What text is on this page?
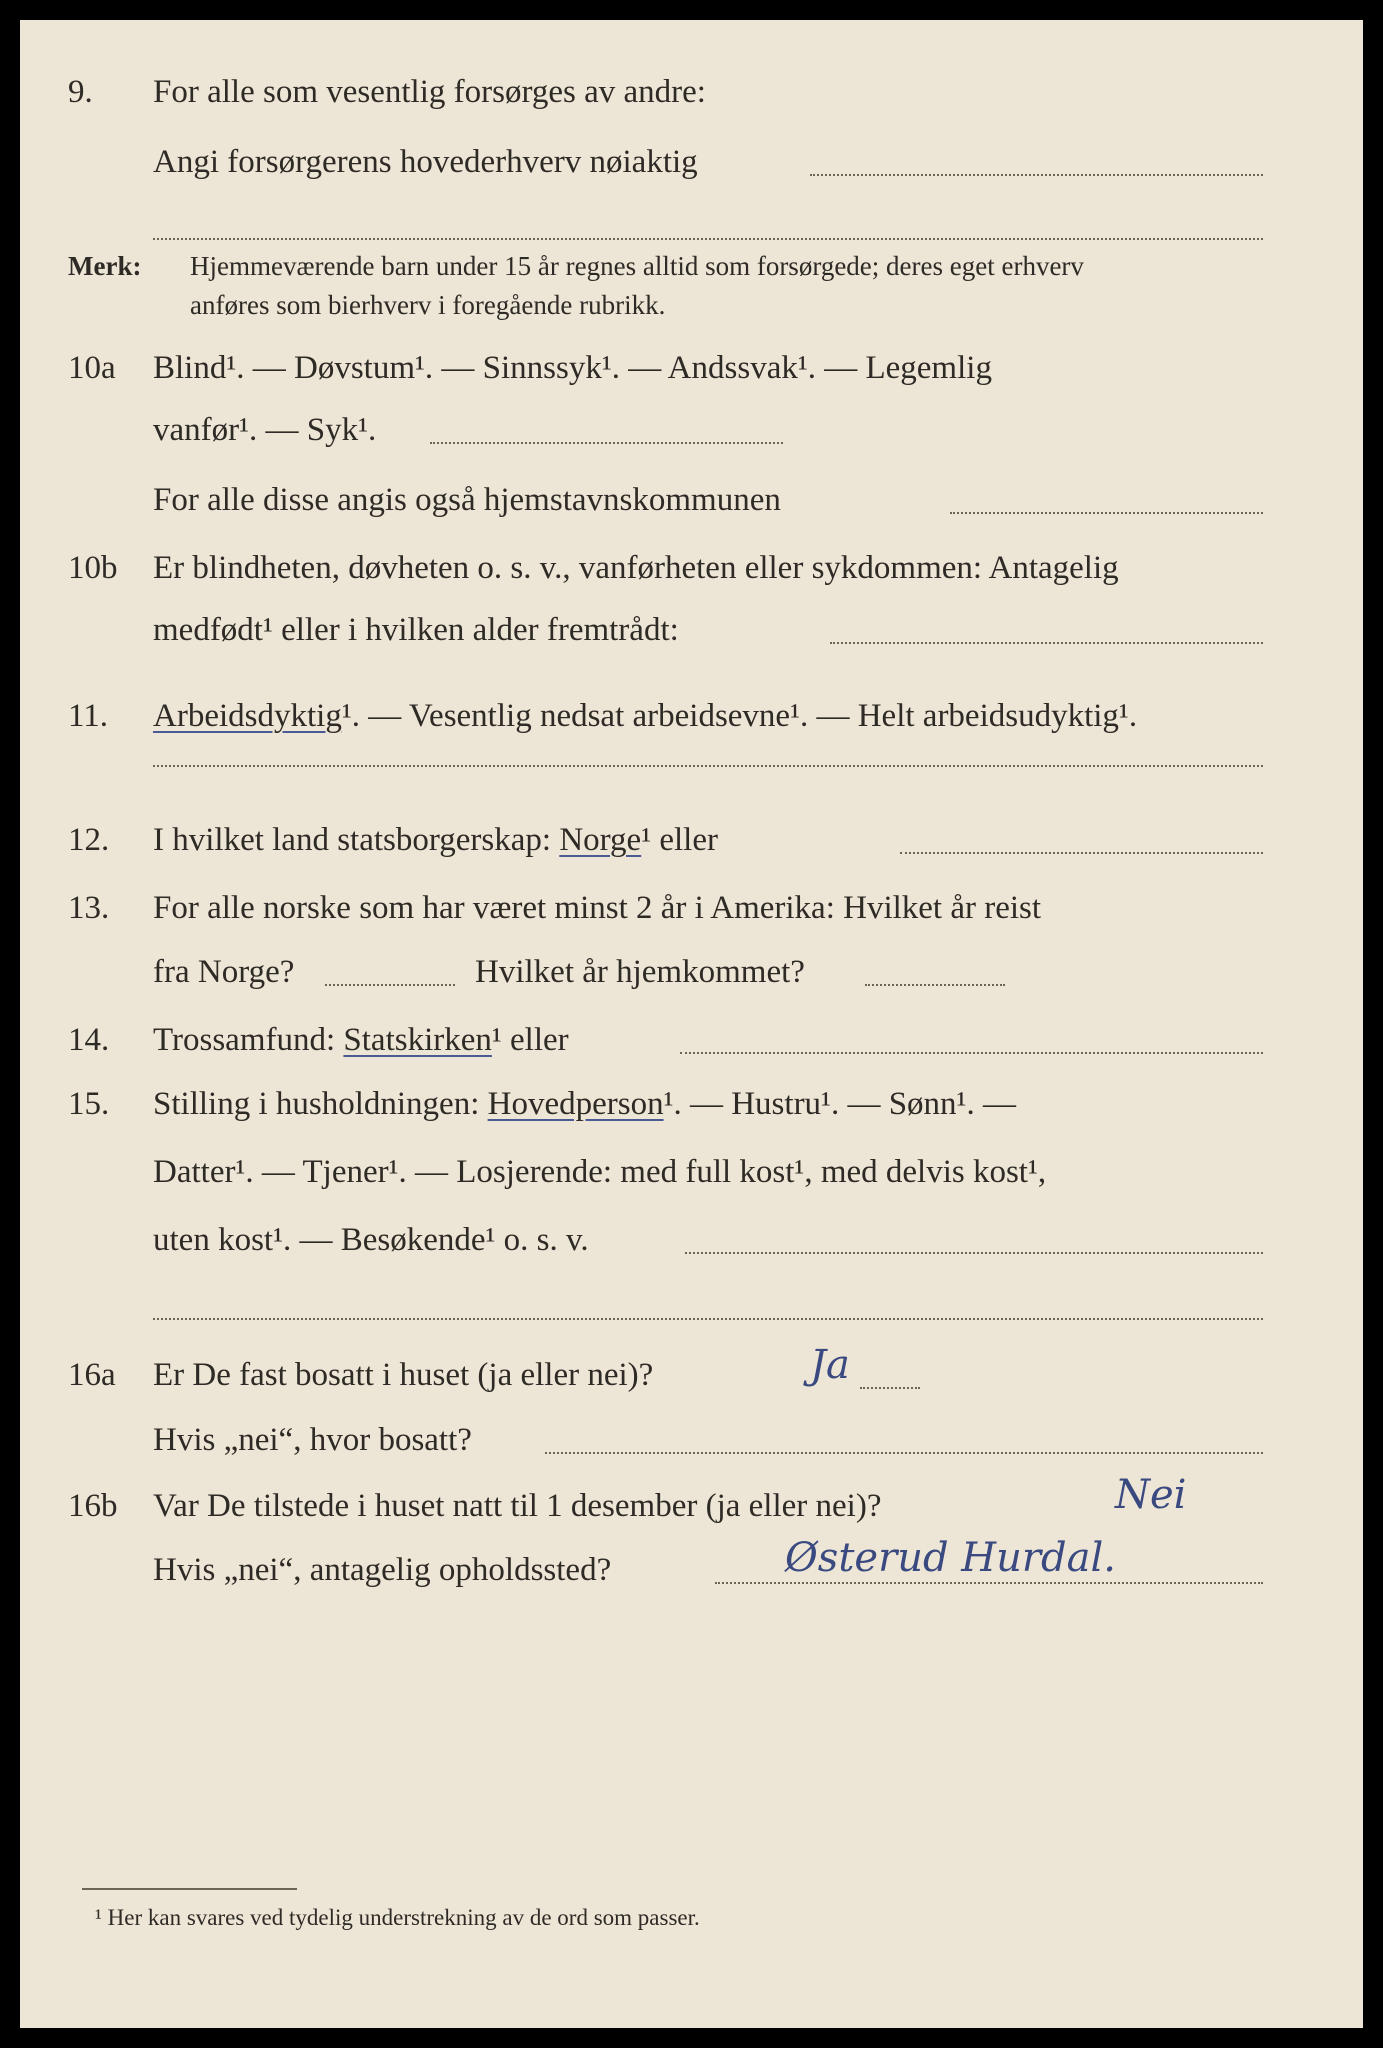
9. For alle som vesentlig forsørges av andre:
Angi forsørgerens hovederhverv nøiaktig
Merk: Hjemmeværende barn under 15 år regnes alltid som forsørgede; deres eget erhverv
anføres som bierhverv i foregående rubrikk.
10a Blind¹. — Døvstum¹. — Sinnssyk¹. — Andssvak¹. — Legemlig
vanfør¹. — Syk¹.
For alle disse angis også hjemstavnskommunen
10b Er blindheten, døvheten o. s. v., vanførheten eller sykdommen: Antagelig
medfødt¹ eller i hvilken alder fremtrådt:
11. Arbeidsdyktig¹. — Vesentlig nedsat arbeidsevne¹. — Helt arbeidsudyktig¹.
12. I hvilket land statsborgerskap: Norge¹ eller
13. For alle norske som har været minst 2 år i Amerika: Hvilket år reist
fra Norge?	Hvilket år hjemkommet?
14. Trossamfund: Statskirken¹ eller
15. Stilling i husholdningen: Hovedperson¹. — Hustru¹. — Sønn¹. —
Datter¹. — Tjener¹. — Losjerende: med full kost¹, med delvis kost¹,
uten kost¹. — Besøkende¹ o. s. v.
16a Er De fast bosatt i huset (ja eller nei)?	Ja
Hvis „nei“, hvor bosatt?
16b Var De tilstede i huset natt til 1 desember (ja eller nei)?	Nei
Hvis „nei“, antagelig opholdssted?	Østerud Hurdal.
¹ Her kan svares ved tydelig understrekning av de ord som passer.
